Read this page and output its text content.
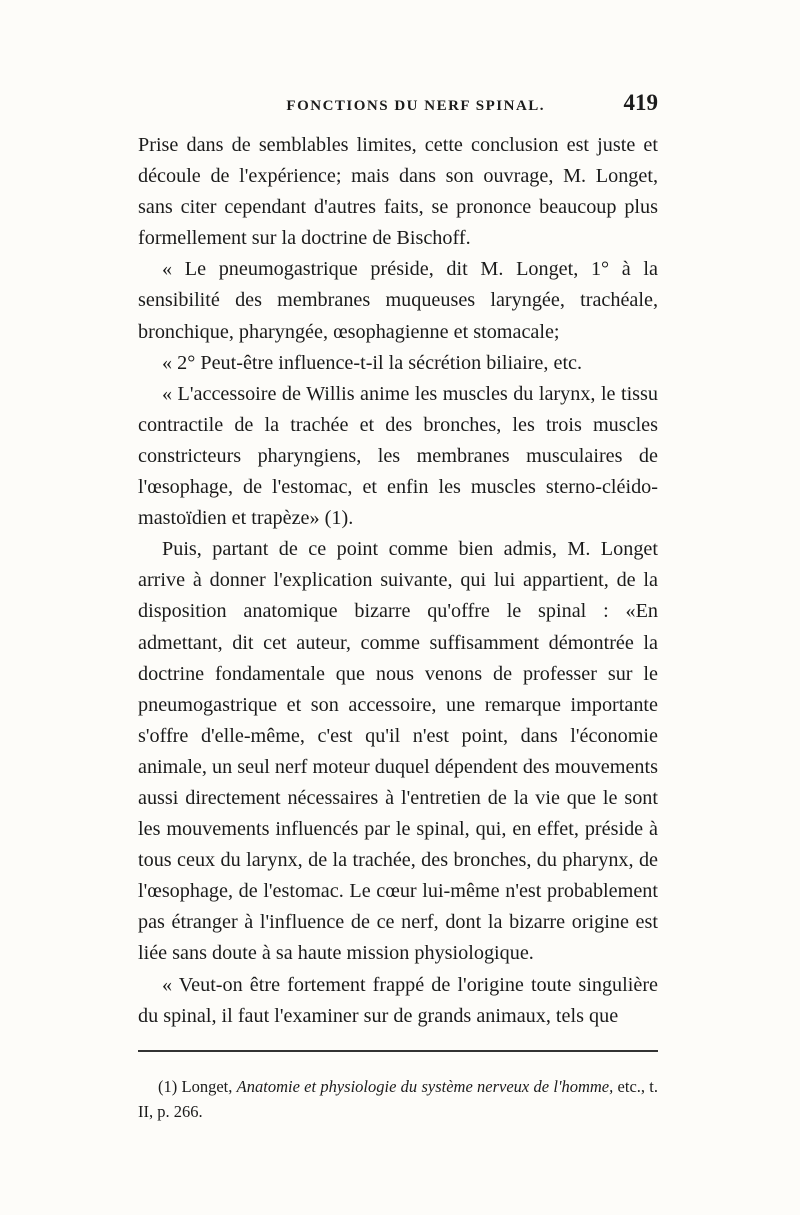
FONCTIONS DU NERF SPINAL.	419

Prise dans de semblables limites, cette conclusion est juste et découle de l'expérience; mais dans son ouvrage, M. Longet, sans citer cependant d'autres faits, se prononce beaucoup plus formellement sur la doctrine de Bischoff.

« Le pneumogastrique préside, dit M. Longet, 1° à la sensibilité des membranes muqueuses laryngée, trachéale, bronchique, pharyngée, œsophagienne et stomacale;

« 2° Peut-être influence-t-il la sécrétion biliaire, etc.

« L'accessoire de Willis anime les muscles du larynx, le tissu contractile de la trachée et des bronches, les trois muscles constricteurs pharyngiens, les membranes musculaires de l'œsophage, de l'estomac, et enfin les muscles sterno-cléido-mastoïdien et trapèze» (1).

Puis, partant de ce point comme bien admis, M. Longet arrive à donner l'explication suivante, qui lui appartient, de la disposition anatomique bizarre qu'offre le spinal : «En admettant, dit cet auteur, comme suffisamment démontrée la doctrine fondamentale que nous venons de professer sur le pneumogastrique et son accessoire, une remarque importante s'offre d'elle-même, c'est qu'il n'est point, dans l'économie animale, un seul nerf moteur duquel dépendent des mouvements aussi directement nécessaires à l'entretien de la vie que le sont les mouvements influencés par le spinal, qui, en effet, préside à tous ceux du larynx, de la trachée, des bronches, du pharynx, de l'œsophage, de l'estomac. Le cœur lui-même n'est probablement pas étranger à l'influence de ce nerf, dont la bizarre origine est liée sans doute à sa haute mission physiologique.

« Veut-on être fortement frappé de l'origine toute singulière du spinal, il faut l'examiner sur de grands animaux, tels que

(1) Longet, Anatomie et physiologie du système nerveux de l'homme, etc., t. II, p. 266.
